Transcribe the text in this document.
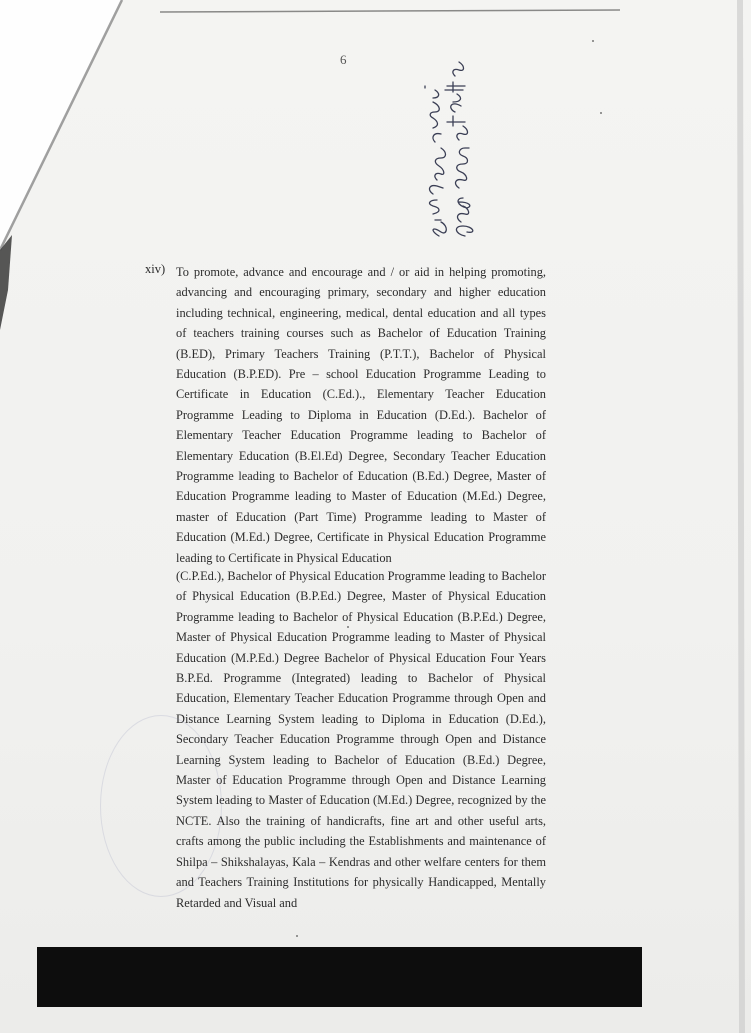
6
xiv) To promote, advance and encourage and / or aid in helping promoting, advancing and encouraging primary, secondary and higher education including technical, engineering, medical, dental education and all types of teachers training courses such as Bachelor of Education Training (B.ED), Primary Teachers Training (P.T.T.), Bachelor of Physical Education (B.P.ED). Pre – school Education Programme Leading to Certificate in Education (C.Ed.)., Elementary Teacher Education Programme Leading to Diploma in Education (D.Ed.). Bachelor of Elementary Teacher Education Programme leading to Bachelor of Elementary Education (B.El.Ed) Degree, Secondary Teacher Education Programme leading to Bachelor of Education (B.Ed.) Degree, Master of Education Programme leading to Master of Education (M.Ed.) Degree, master of Education (Part Time) Programme leading to Master of Education (M.Ed.) Degree, Certificate in Physical Education Programme leading to Certificate in Physical Education
(C.P.Ed.), Bachelor of Physical Education Programme leading to Bachelor of Physical Education (B.P.Ed.) Degree, Master of Physical Education Programme leading to Bachelor of Physical Education (B.P.Ed.) Degree, Master of Physical Education Programme leading to Master of Physical Education (M.P.Ed.) Degree Bachelor of Physical Education Four Years B.P.Ed. Programme (Integrated) leading to Bachelor of Physical Education, Elementary Teacher Education Programme through Open and Distance Learning System leading to Diploma in Education (D.Ed.), Secondary Teacher Education Programme through Open and Distance Learning System leading to Bachelor of Education (B.Ed.) Degree, Master of Education Programme through Open and Distance Learning System leading to Master of Education (M.Ed.) Degree, recognized by the NCTE. Also the training of handicrafts, fine art and other useful arts, crafts among the public including the Establishments and maintenance of Shilpa – Shikshalayas, Kala – Kendras and other welfare centers for them and Teachers Training Institutions for physically Handicapped, Mentally Retarded and Visual and
